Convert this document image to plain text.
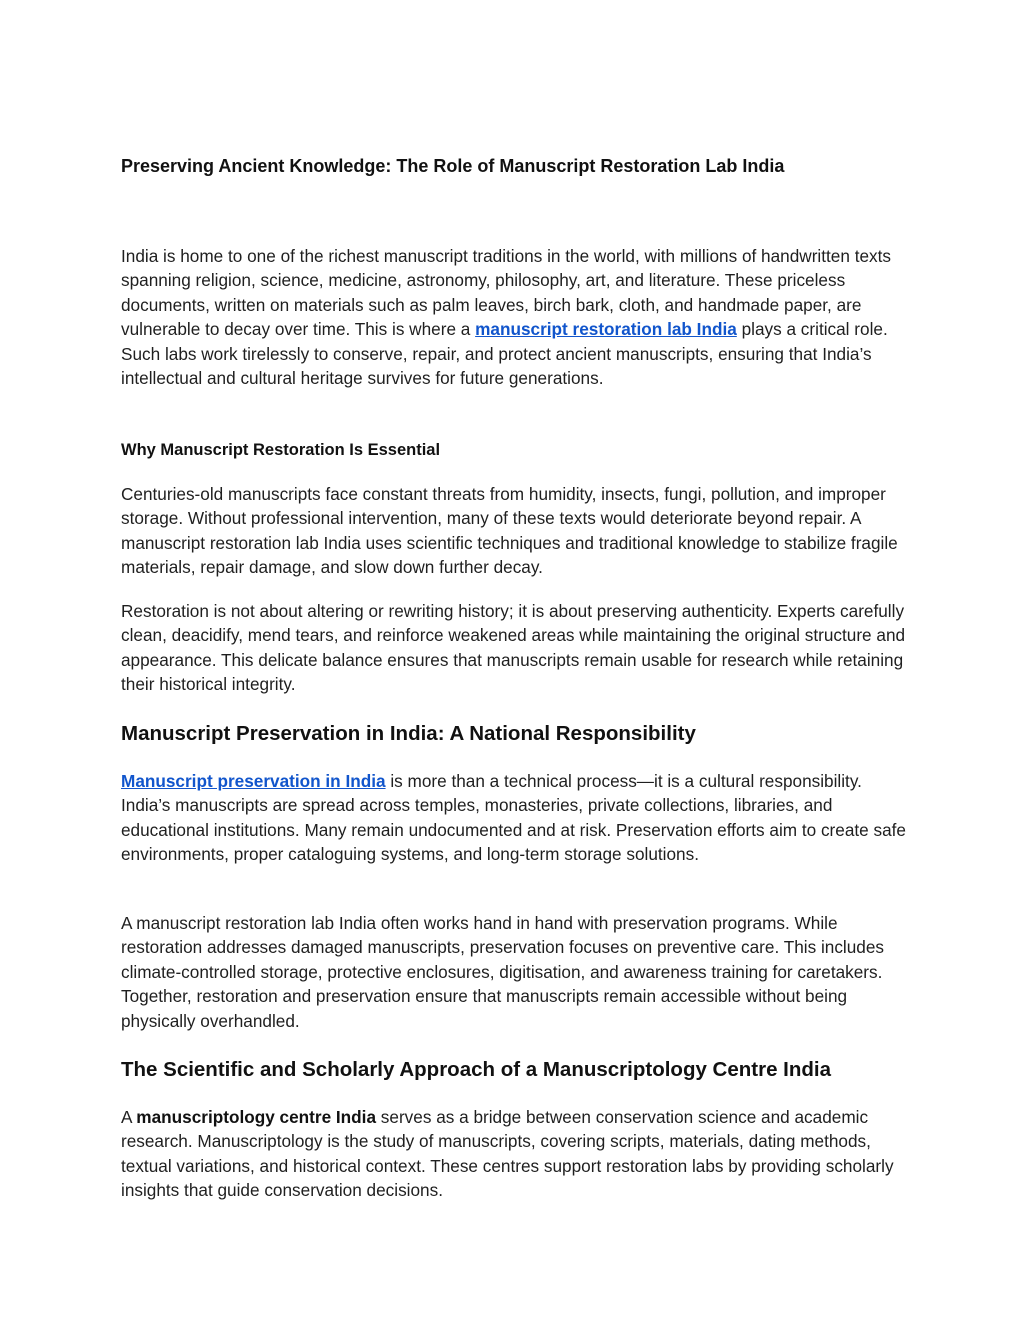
Preserving Ancient Knowledge: The Role of Manuscript Restoration Lab India

India is home to one of the richest manuscript traditions in the world, with millions of handwritten texts spanning religion, science, medicine, astronomy, philosophy, art, and literature. These priceless documents, written on materials such as palm leaves, birch bark, cloth, and handmade paper, are vulnerable to decay over time. This is where a manuscript restoration lab India plays a critical role. Such labs work tirelessly to conserve, repair, and protect ancient manuscripts, ensuring that India’s intellectual and cultural heritage survives for future generations.

Why Manuscript Restoration Is Essential

Centuries-old manuscripts face constant threats from humidity, insects, fungi, pollution, and improper storage. Without professional intervention, many of these texts would deteriorate beyond repair. A manuscript restoration lab India uses scientific techniques and traditional knowledge to stabilize fragile materials, repair damage, and slow down further decay.

Restoration is not about altering or rewriting history; it is about preserving authenticity. Experts carefully clean, deacidify, mend tears, and reinforce weakened areas while maintaining the original structure and appearance. This delicate balance ensures that manuscripts remain usable for research while retaining their historical integrity.

Manuscript Preservation in India: A National Responsibility

Manuscript preservation in India is more than a technical process—it is a cultural responsibility. India’s manuscripts are spread across temples, monasteries, private collections, libraries, and educational institutions. Many remain undocumented and at risk. Preservation efforts aim to create safe environments, proper cataloguing systems, and long-term storage solutions.

A manuscript restoration lab India often works hand in hand with preservation programs. While restoration addresses damaged manuscripts, preservation focuses on preventive care. This includes climate-controlled storage, protective enclosures, digitisation, and awareness training for caretakers. Together, restoration and preservation ensure that manuscripts remain accessible without being physically overhandled.

The Scientific and Scholarly Approach of a Manuscriptology Centre India

A manuscriptology centre India serves as a bridge between conservation science and academic research. Manuscriptology is the study of manuscripts, covering scripts, materials, dating methods, textual variations, and historical context. These centres support restoration labs by providing scholarly insights that guide conservation decisions.
